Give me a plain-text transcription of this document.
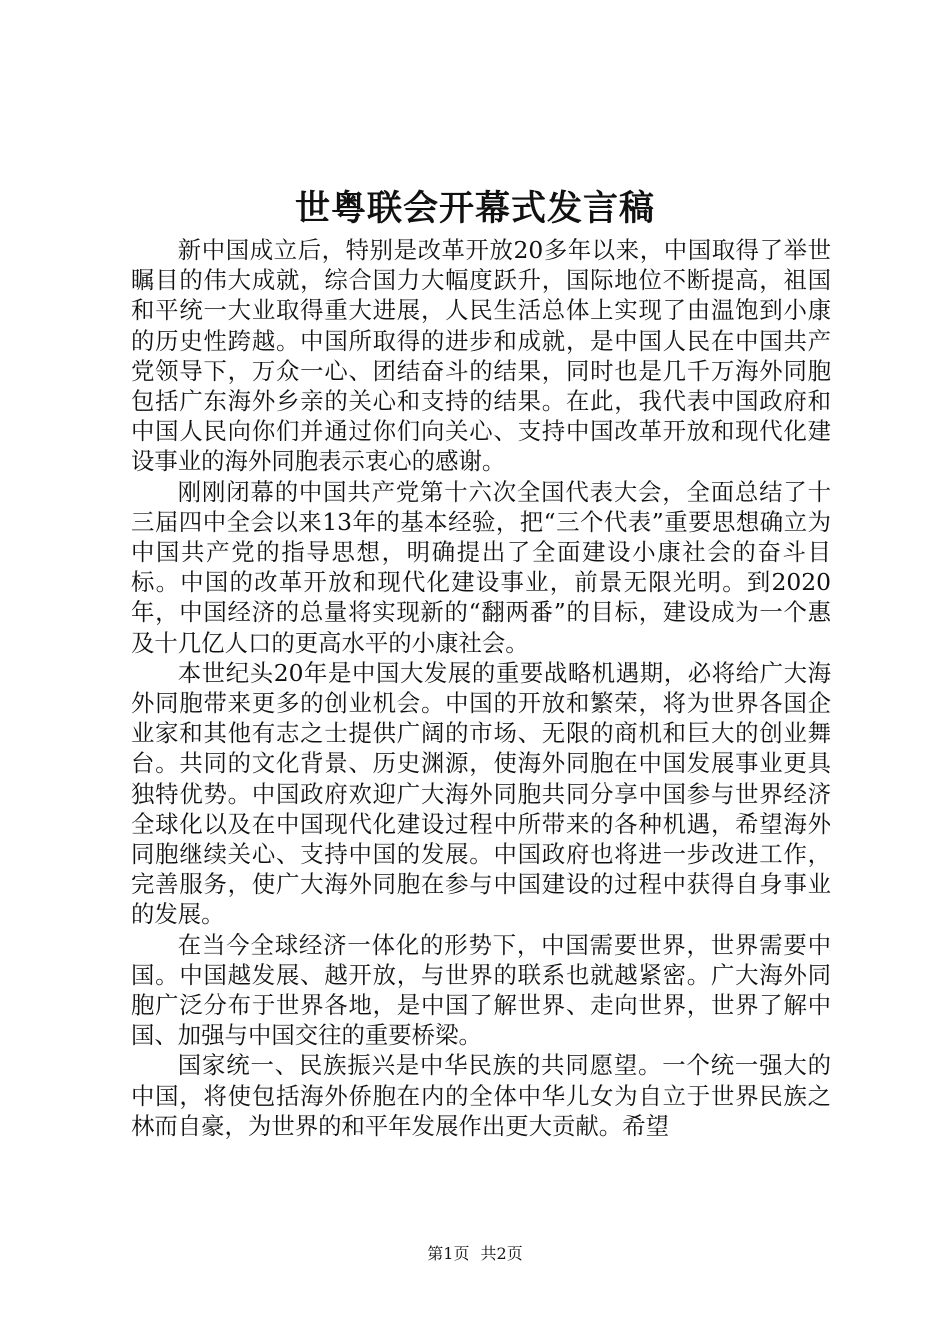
世粤联会开幕式发言稿

新中国成立后，特别是改革开放20多年以来，中国取得了举世瞩目的伟大成就，综合国力大幅度跃升，国际地位不断提高，祖国和平统一大业取得重大进展，人民生活总体上实现了由温饱到小康的历史性跨越。中国所取得的进步和成就，是中国人民在中国共产党领导下，万众一心、团结奋斗的结果，同时也是几千万海外同胞包括广东海外乡亲的关心和支持的结果。在此，我代表中国政府和中国人民向你们并通过你们向关心、支持中国改革开放和现代化建设事业的海外同胞表示衷心的感谢。

刚刚闭幕的中国共产党第十六次全国代表大会，全面总结了十三届四中全会以来13年的基本经验，把“三个代表”重要思想确立为中国共产党的指导思想，明确提出了全面建设小康社会的奋斗目标。中国的改革开放和现代化建设事业，前景无限光明。到2020年，中国经济的总量将实现新的“翻两番”的目标，建设成为一个惠及十几亿人口的更高水平的小康社会。

本世纪头20年是中国大发展的重要战略机遇期，必将给广大海外同胞带来更多的创业机会。中国的开放和繁荣，将为世界各国企业家和其他有志之士提供广阔的市场、无限的商机和巨大的创业舞台。共同的文化背景、历史渊源，使海外同胞在中国发展事业更具独特优势。中国政府欢迎广大海外同胞共同分享中国参与世界经济全球化以及在中国现代化建设过程中所带来的各种机遇，希望海外同胞继续关心、支持中国的发展。中国政府也将进一步改进工作，完善服务，使广大海外同胞在参与中国建设的过程中获得自身事业的发展。

在当今全球经济一体化的形势下，中国需要世界，世界需要中国。中国越发展、越开放，与世界的联系也就越紧密。广大海外同胞广泛分布于世界各地，是中国了解世界、走向世界，世界了解中国、加强与中国交往的重要桥梁。

国家统一、民族振兴是中华民族的共同愿望。一个统一强大的中国，将使包括海外侨胞在内的全体中华儿女为自立于世界民族之林而自豪，为世界的和平年发展作出更大贡献。希望

第1页 共2页
